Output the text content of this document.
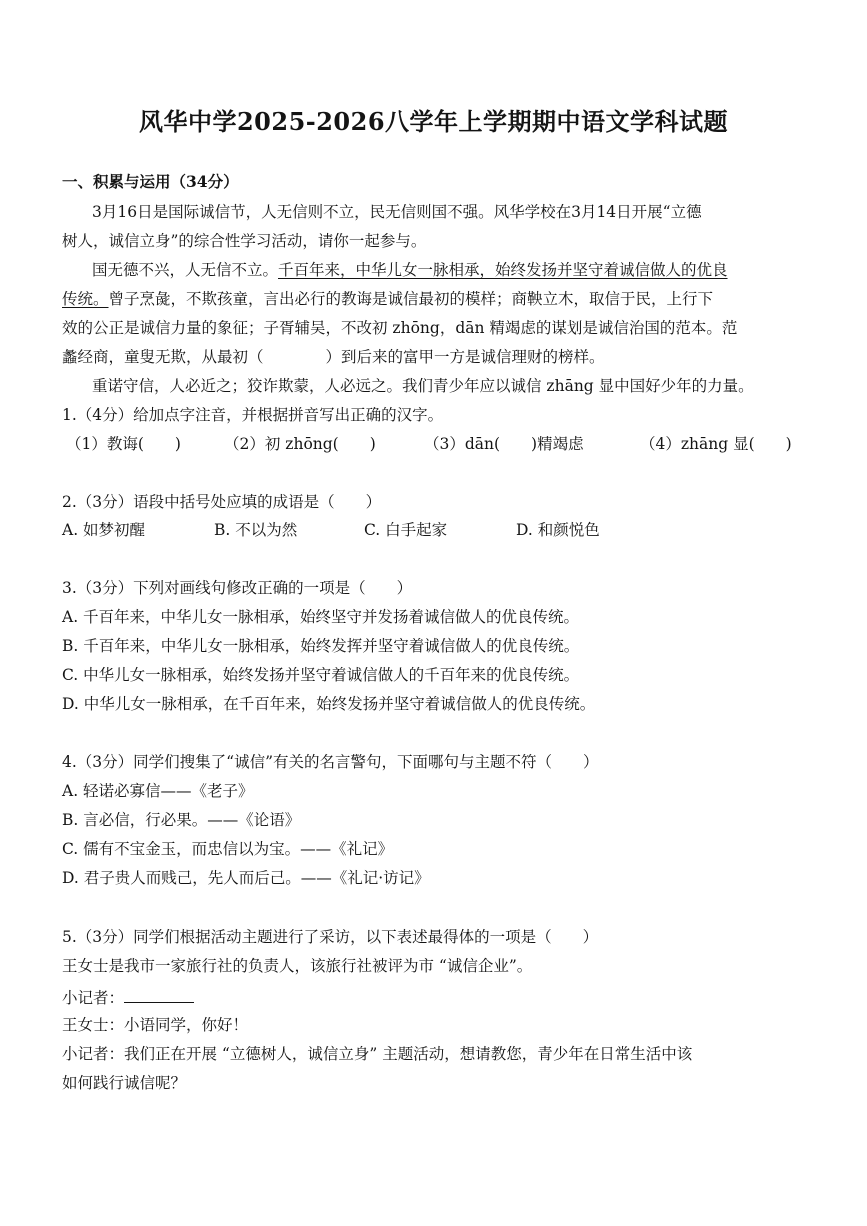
风华中学2025-2026八学年上学期期中语文学科试题
一、积累与运用（34分）
3月16日是国际诚信节，人无信则不立，民无信则国不强。风华学校在3月14日开展“立德
树人，诚信立身”的综合性学习活动，请你一起参与。
国无德不兴，人无信不立。千百年来，中华儿女一脉相承，始终发扬并坚守着诚信做人的优良
传统。曾子烹彘，不欺孩童，言出必行的教诲是诚信最初的模样；商鞅立木，取信于民，上行下
效的公正是诚信力量的象征；子胥辅吴，不改初 zhōng，dān 精竭虑的谋划是诚信治国的范本。范
蠡经商，童叟无欺，从最初（　　　　）到后来的富甲一方是诚信理财的榜样。
重诺守信，人必近之；狡诈欺蒙，人必远之。我们青少年应以诚信 zhāng 显中国好少年的力量。
1.（4分）给加点字注音，并根据拼音写出正确的汉字。
（1）教诲(　　)	（2）初 zhōng(　　)	（3）dān(　　)精竭虑	（4）zhāng 显(　　)
2.（3分）语段中括号处应填的成语是（　　）
A. 如梦初醒	B. 不以为然	C. 白手起家	D. 和颜悦色
3.（3分）下列对画线句修改正确的一项是（　　）
A. 千百年来，中华儿女一脉相承，始终坚守并发扬着诚信做人的优良传统。
B. 千百年来，中华儿女一脉相承，始终发挥并坚守着诚信做人的优良传统。
C. 中华儿女一脉相承，始终发扬并坚守着诚信做人的千百年来的优良传统。
D. 中华儿女一脉相承，在千百年来，始终发扬并坚守着诚信做人的优良传统。
4.（3分）同学们搜集了“诚信”有关的名言警句，下面哪句与主题不符（　　）
A. 轻诺必寡信——《老子》
B. 言必信，行必果。——《论语》
C. 儒有不宝金玉，而忠信以为宝。——《礼记》
D. 君子贵人而贱己，先人而后己。——《礼记·访记》
5.（3分）同学们根据活动主题进行了采访，以下表述最得体的一项是（　　）
王女士是我市一家旅行社的负责人，该旅行社被评为市 “诚信企业”。
小记者：
王女士：小语同学，你好！
小记者：我们正在开展 “立德树人，诚信立身” 主题活动，想请教您，青少年在日常生活中该
如何践行诚信呢？
